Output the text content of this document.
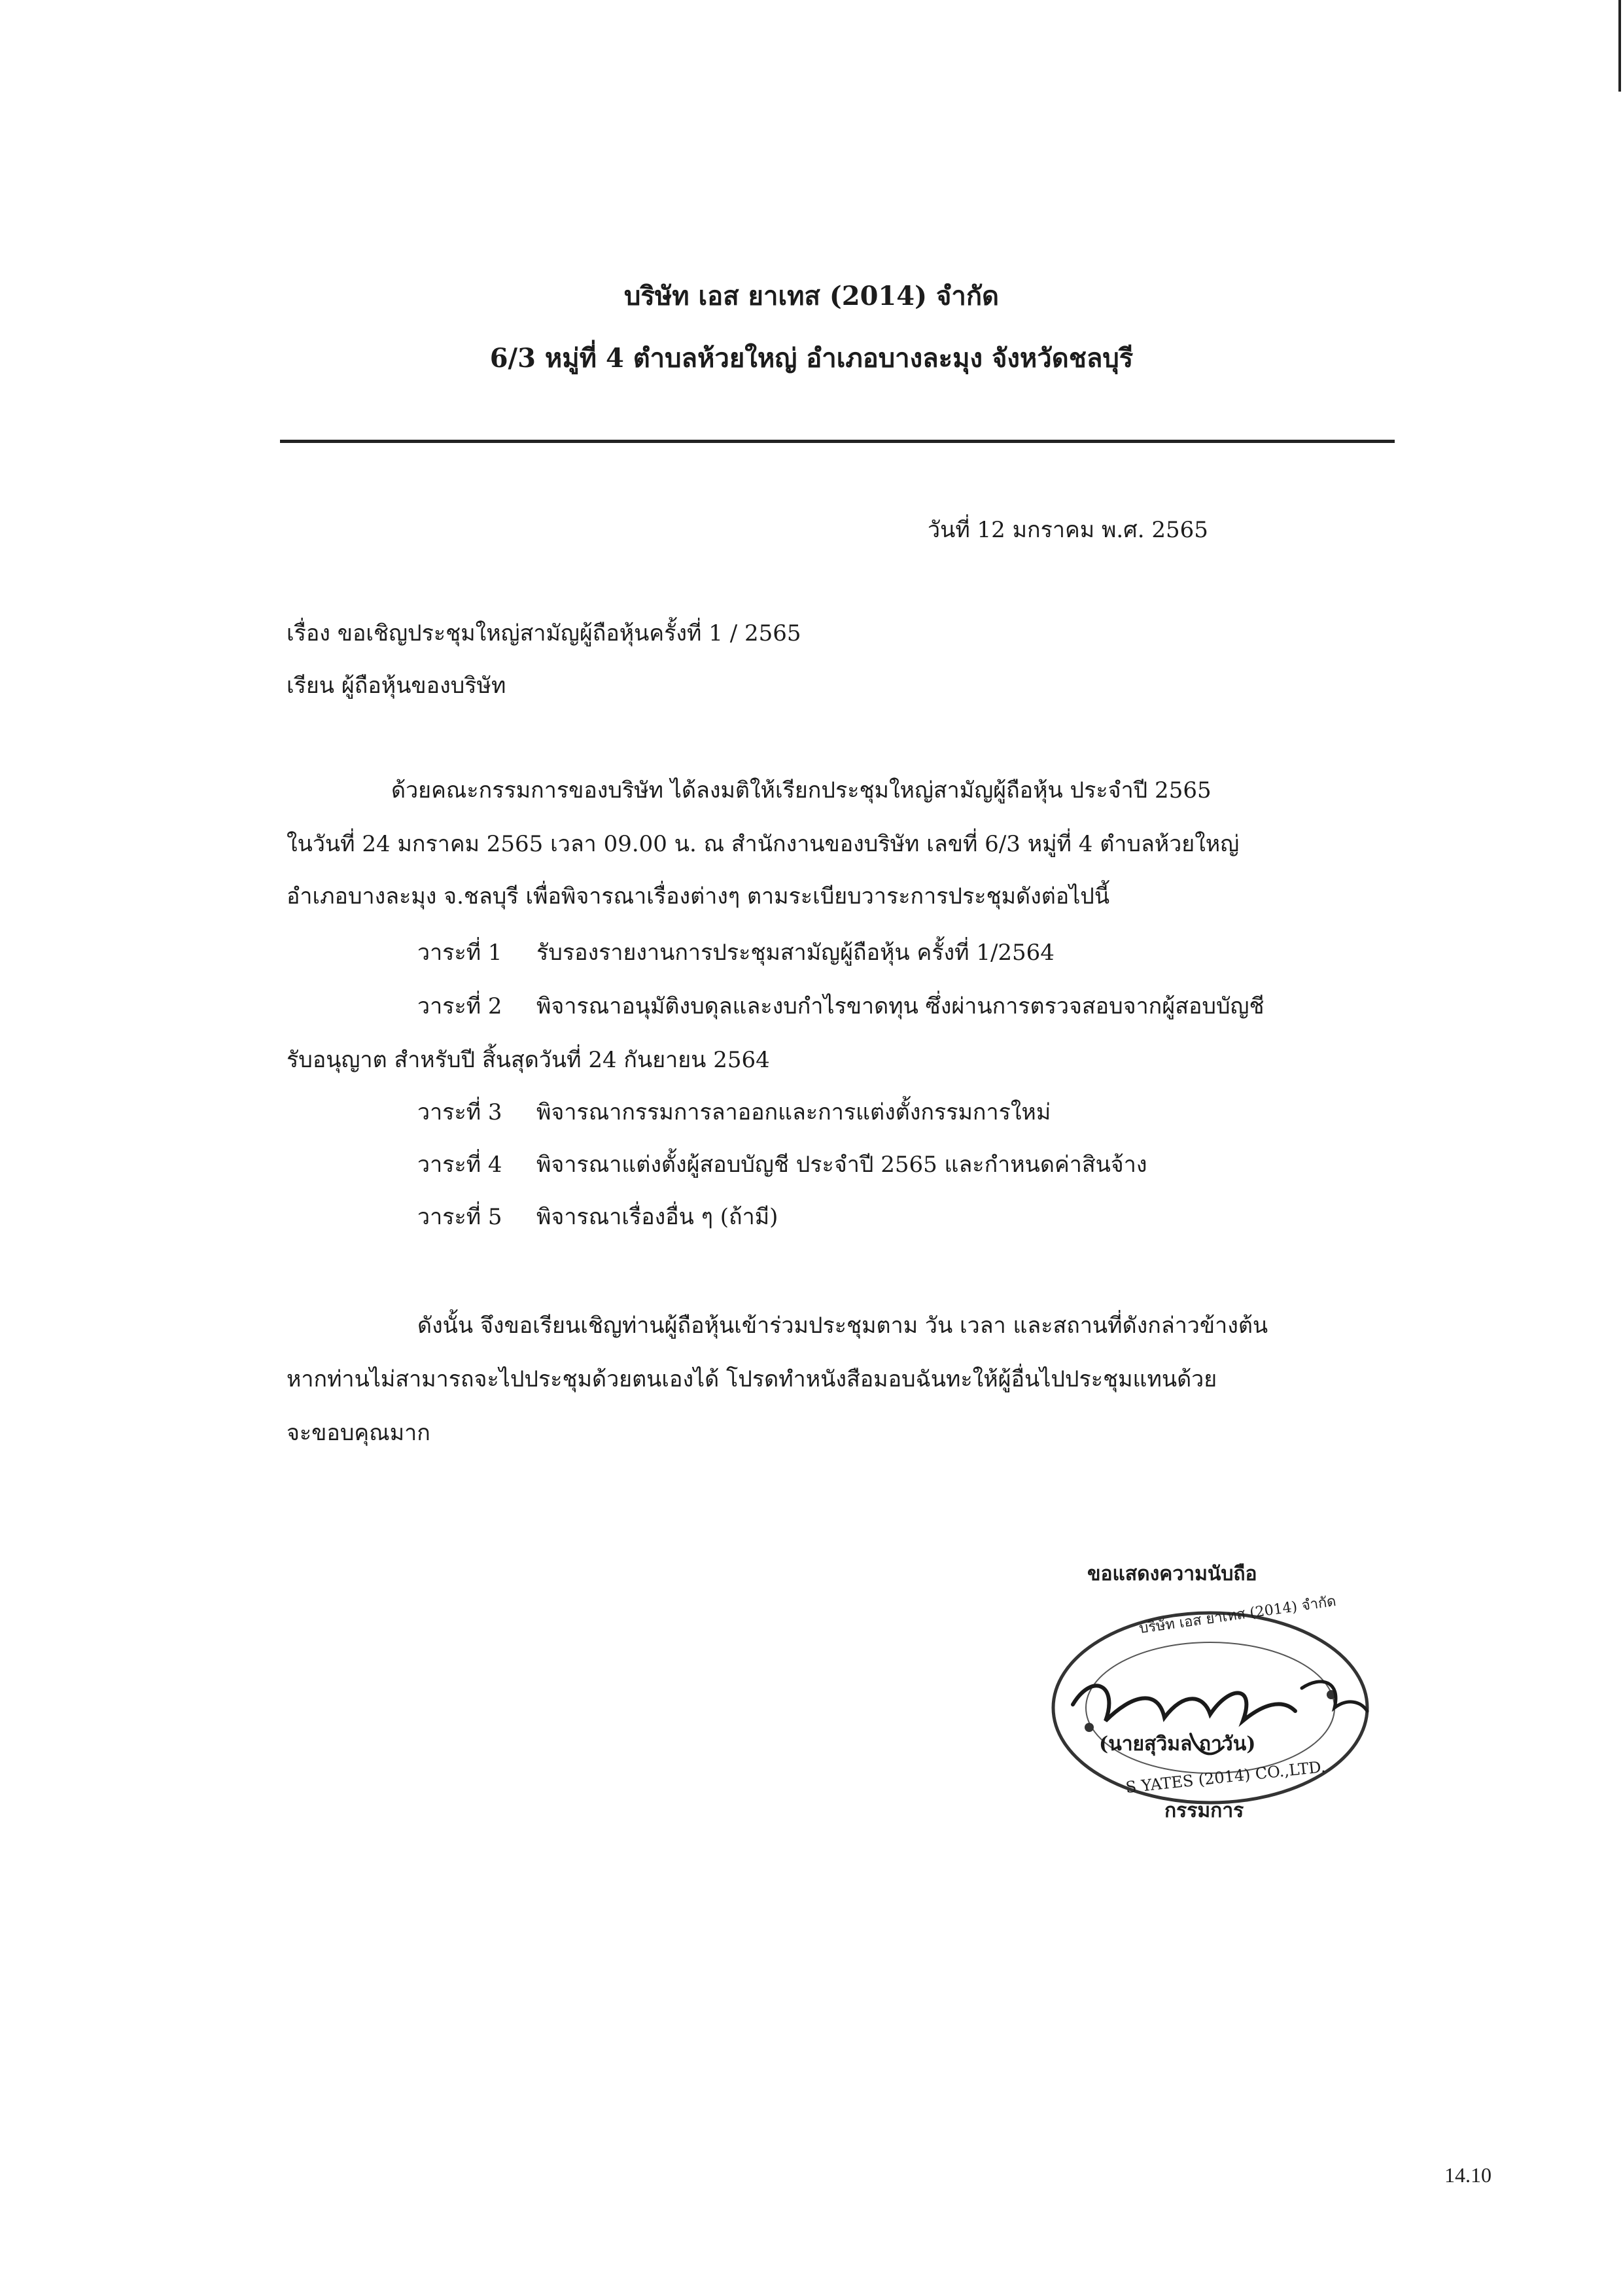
บริษัท เอส ยาเทส (2014) จำกัด
6/3 หมู่ที่ 4 ตำบลห้วยใหญ่ อำเภอบางละมุง จังหวัดชลบุรี
วันที่ 12 มกราคม พ.ศ. 2565
เรื่อง ขอเชิญประชุมใหญ่สามัญผู้ถือหุ้นครั้งที่ 1 / 2565
เรียน ผู้ถือหุ้นของบริษัท
ด้วยคณะกรรมการของบริษัท ได้ลงมติให้เรียกประชุมใหญ่สามัญผู้ถือหุ้น ประจำปี 2565
ในวันที่ 24 มกราคม 2565 เวลา 09.00 น. ณ สำนักงานของบริษัท เลขที่ 6/3 หมู่ที่ 4 ตำบลห้วยใหญ่
อำเภอบางละมุง จ.ชลบุรี เพื่อพิจารณาเรื่องต่างๆ ตามระเบียบวาระการประชุมดังต่อไปนี้
วาระที่ 1 รับรองรายงานการประชุมสามัญผู้ถือหุ้น ครั้งที่ 1/2564
วาระที่ 2 พิจารณาอนุมัติงบดุลและงบกำไรขาดทุน ซึ่งผ่านการตรวจสอบจากผู้สอบบัญชี
รับอนุญาต สำหรับปี สิ้นสุดวันที่ 24 กันยายน 2564
วาระที่ 3 พิจารณากรรมการลาออกและการแต่งตั้งกรรมการใหม่
วาระที่ 4 พิจารณาแต่งตั้งผู้สอบบัญชี ประจำปี 2565 และกำหนดค่าสินจ้าง
วาระที่ 5 พิจารณาเรื่องอื่น ๆ (ถ้ามี)
ดังนั้น จึงขอเรียนเชิญท่านผู้ถือหุ้นเข้าร่วมประชุมตาม วัน เวลา และสถานที่ดังกล่าวข้างต้น
หากท่านไม่สามารถจะไปประชุมด้วยตนเองได้ โปรดทำหนังสือมอบฉันทะให้ผู้อื่นไปประชุมแทนด้วย
จะขอบคุณมาก
ขอแสดงความนับถือ
บริษัท เอส ยาเทส (2014) จำกัด
S YATES (2014) CO.,LTD.
(นายสุวิมล ถาวัน)
กรรมการ
14.10
